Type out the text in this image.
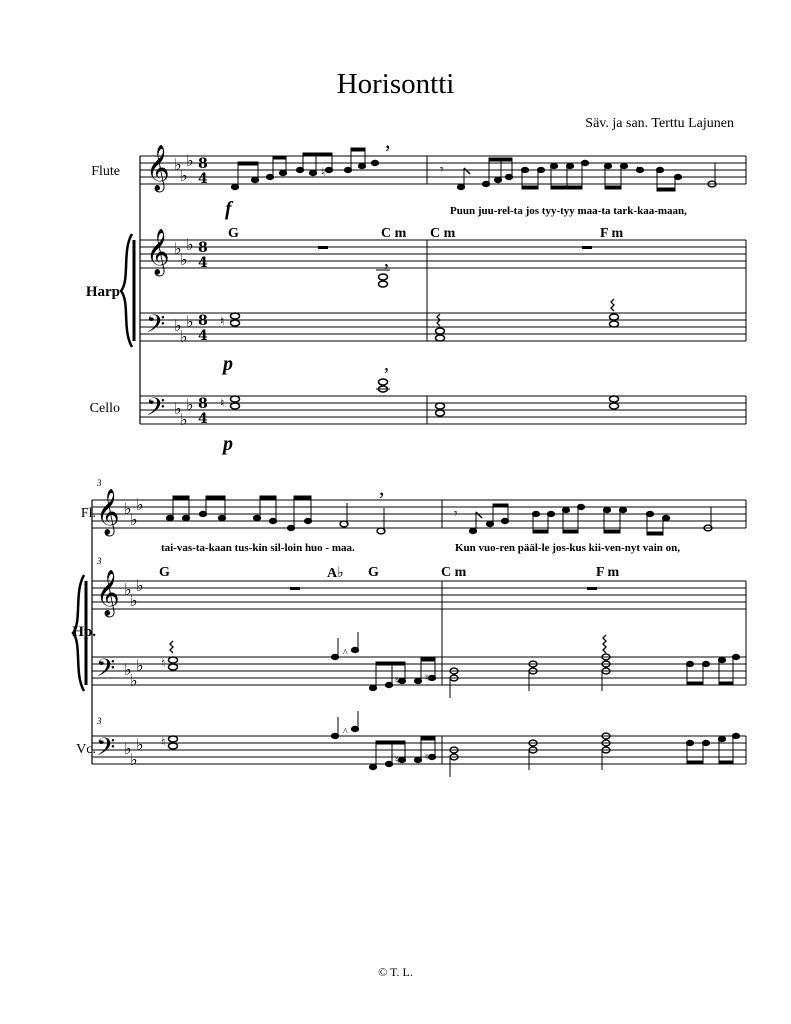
Horisontti
Säv. ja san. Terttu Lajunen
Flute
Harp
Cello
G	C m C m	F m
Puun juu-rel-ta jos tyy-tyy maa-ta tark-kaa-maan,
f
p
p
Fl.
Hp.
Vc.
3
3
3
G	A♭ G	C m	F m
tai-vas-ta-kaan tus-kin sil-loin huo - maa.	Kun vuo-ren pääl-le jos-kus kii-ven-nyt vain on,
© T. L.
𝄞
𝄞
𝄢
𝄢
♭
♭
♭
♭
♭
♭
♭
♭
♭
♭
♭
♭
8
4
8
4
8
4
8
4
♮
,
𝄾	.
♮
,
♮
,
𝄞
𝄞
𝄢
𝄢
♭
♭
♭
♭
♭
♭
♭
♭
♭
♭
♭
♭
,
𝄾
♮
^
♮	♮
♮
^
♮	♮
